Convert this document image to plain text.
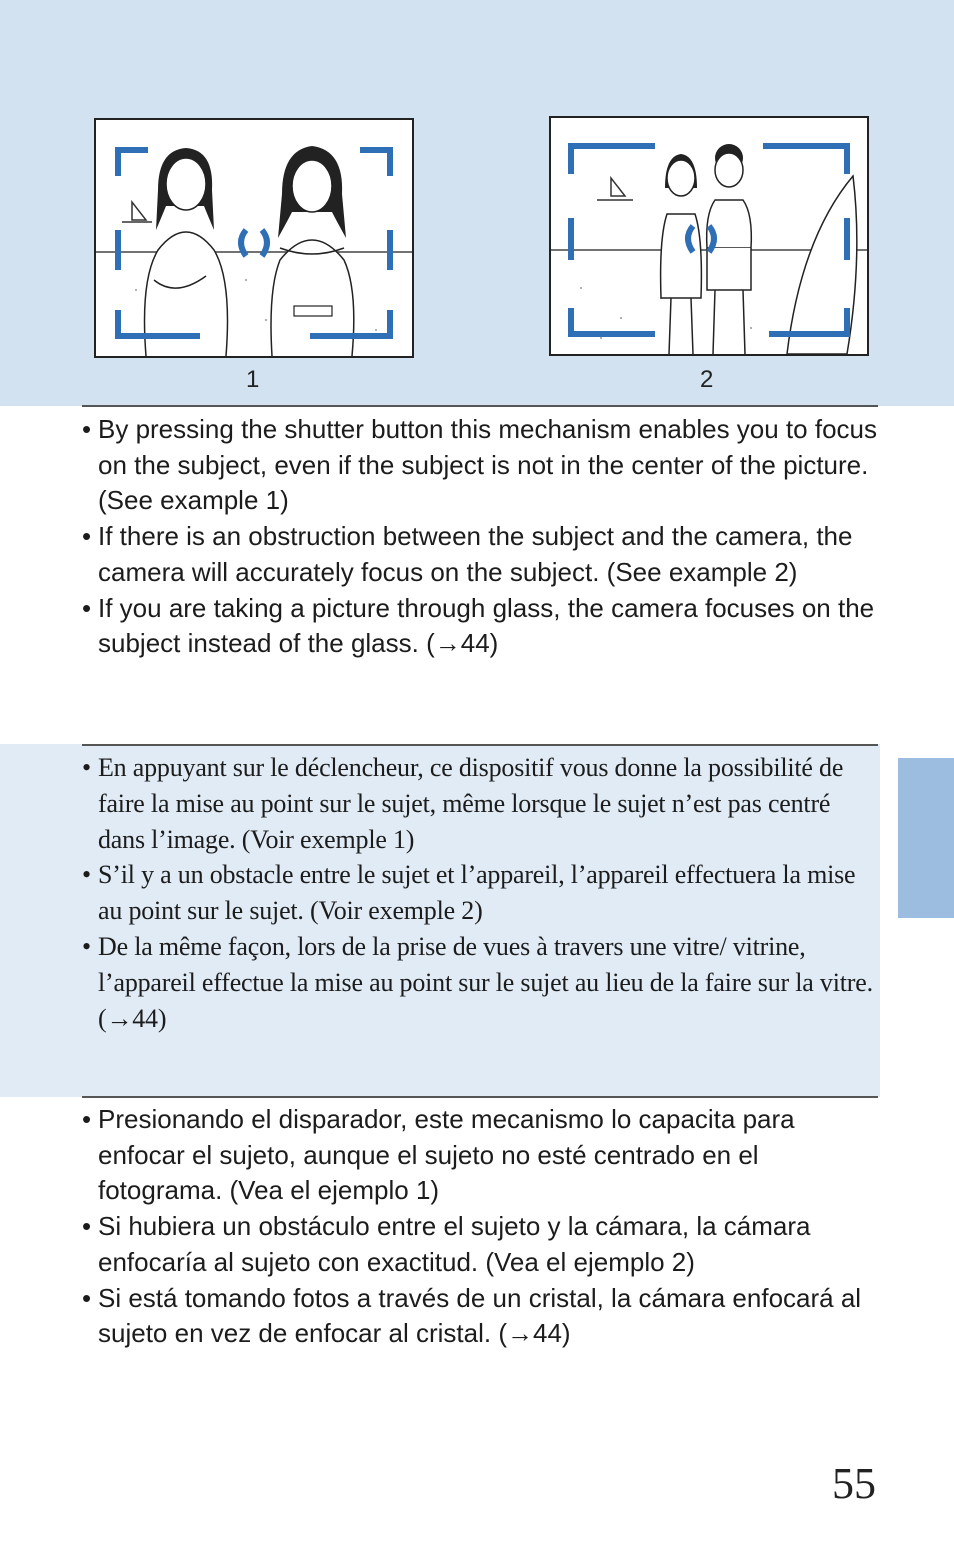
1	2
• By pressing the shutter button this mechanism enables you to focus on the subject, even if the subject is not in the center of the picture. (See example 1)
• If there is an obstruction between the subject and the camera, the camera will accurately focus on the subject. (See example 2)
• If you are taking a picture through glass, the camera focuses on the subject instead of the glass. (→44)
• En appuyant sur le déclencheur, ce dispositif vous donne la possibilité de faire la mise au point sur le sujet, même lorsque le sujet n’est pas centré dans l’image. (Voir exemple 1)
• S’il y a un obstacle entre le sujet et l’appareil, l’appareil effectuera la mise au point sur le sujet. (Voir exemple 2)
• De la même façon, lors de la prise de vues à travers une vitre/ vitrine, l’appareil effectue la mise au point sur le sujet au lieu de la faire sur la vitre. (→44)
• Presionando el disparador, este mecanismo lo capacita para enfocar el sujeto, aunque el sujeto no esté centrado en el fotograma. (Vea el ejemplo 1)
• Si hubiera un obstáculo entre el sujeto y la cámara, la cámara enfocaría al sujeto con exactitud. (Vea el ejemplo 2)
• Si está tomando fotos a través de un cristal, la cámara enfocará al sujeto en vez de enfocar al cristal. (→44)
55
